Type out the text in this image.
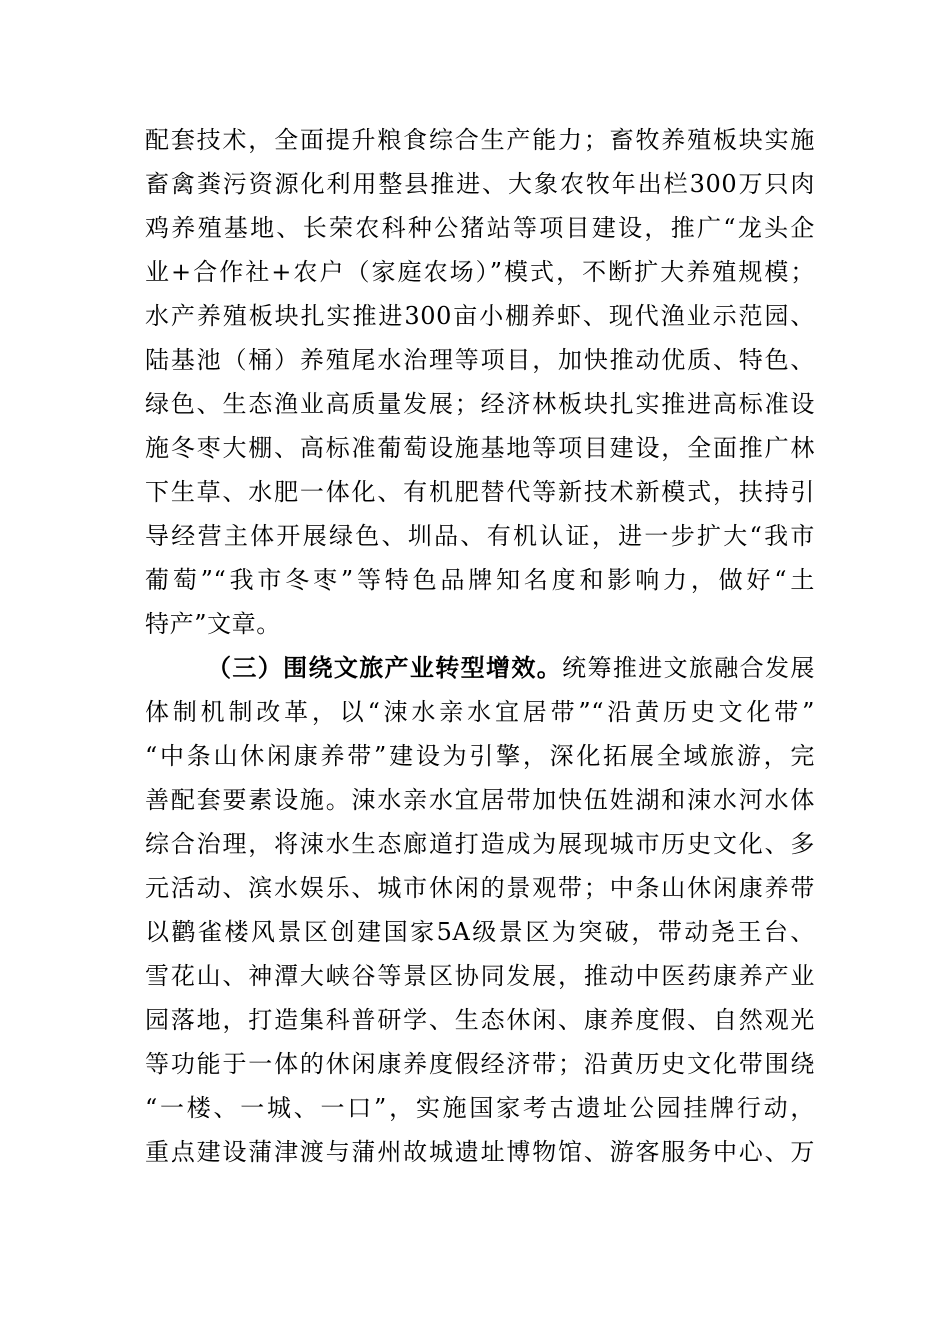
配套技术，全面提升粮食综合生产能力；畜牧养殖板块实施
畜禽粪污资源化利用整县推进、大象农牧年出栏300万只肉
鸡养殖基地、长荣农科种公猪站等项目建设，推广“龙头企
业+合作社+农户（家庭农场）”模式，不断扩大养殖规模；
水产养殖板块扎实推进300亩小棚养虾、现代渔业示范园、
陆基池（桶）养殖尾水治理等项目，加快推动优质、特色、
绿色、生态渔业高质量发展；经济林板块扎实推进高标准设
施冬枣大棚、高标准葡萄设施基地等项目建设，全面推广林
下生草、水肥一体化、有机肥替代等新技术新模式，扶持引
导经营主体开展绿色、圳品、有机认证，进一步扩大“我市
葡萄”“我市冬枣”等特色品牌知名度和影响力，做好“土
特产”文章。
（三）围绕文旅产业转型增效。统筹推进文旅融合发展
体制机制改革，以“涑水亲水宜居带”“沿黄历史文化带”
“中条山休闲康养带”建设为引擎，深化拓展全域旅游，完
善配套要素设施。涑水亲水宜居带加快伍姓湖和涑水河水体
综合治理，将涑水生态廊道打造成为展现城市历史文化、多
元活动、滨水娱乐、城市休闲的景观带；中条山休闲康养带
以鹳雀楼风景区创建国家5A级景区为突破，带动尧王台、
雪花山、神潭大峡谷等景区协同发展，推动中医药康养产业
园落地，打造集科普研学、生态休闲、康养度假、自然观光
等功能于一体的休闲康养度假经济带；沿黄历史文化带围绕
“一楼、一城、一口”，实施国家考古遗址公园挂牌行动，
重点建设蒲津渡与蒲州故城遗址博物馆、游客服务中心、万
